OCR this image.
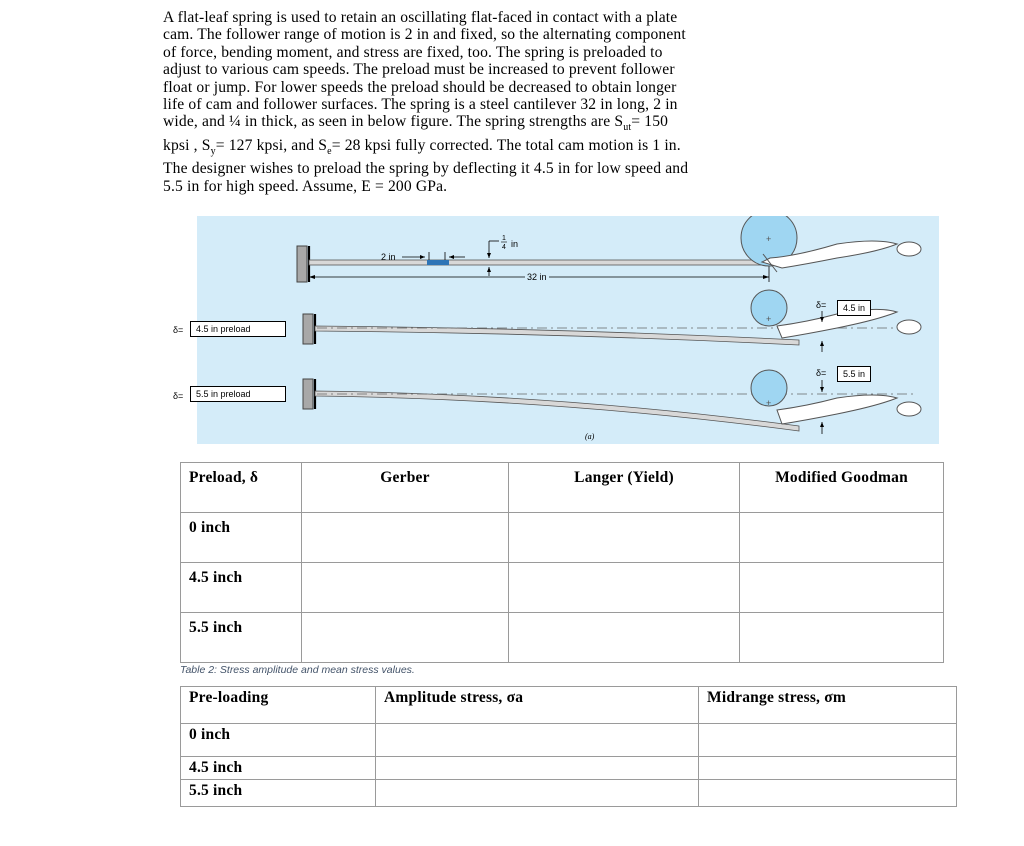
A flat-leaf spring is used to retain an oscillating flat-faced in contact with a plate

cam. The follower range of motion is 2 in and fixed, so the alternating component

of force, bending moment, and stress are fixed, too. The spring is preloaded to

adjust to various cam speeds. The preload must be increased to prevent follower

float or jump. For lower speeds the preload should be decreased to obtain longer

life of cam and follower surfaces. The spring is a steel cantilever 32 in long, 2 in

wide, and ¼ in thick, as seen in below figure. The spring strengths are $S_{ut}= 150$

kpsi , $S_y= 127$ kpsi, and $S_e= 28$ kpsi fully corrected. The total cam motion is 1 in.

The designer wishes to preload the spring by deflecting it 4.5 in for low speed and

5.5 in for high speed. Assume, E = 200 GPa.

2 in
1
4 in
32 in
+
+
δ=
+
δ=
(a)
4.5 in
5.5 in
δ=	4.5 in preload
δ=	5.5 in preload
Preload, δ	Gerber	Langer (Yield)	Modified Goodman
0 inch			
4.5 inch			
5.5 inch			
Table 2: Stress amplitude and mean stress values.
Pre-loading	Amplitude stress, σa	Midrange stress, σm
0 inch		
4.5 inch		
5.5 inch		
